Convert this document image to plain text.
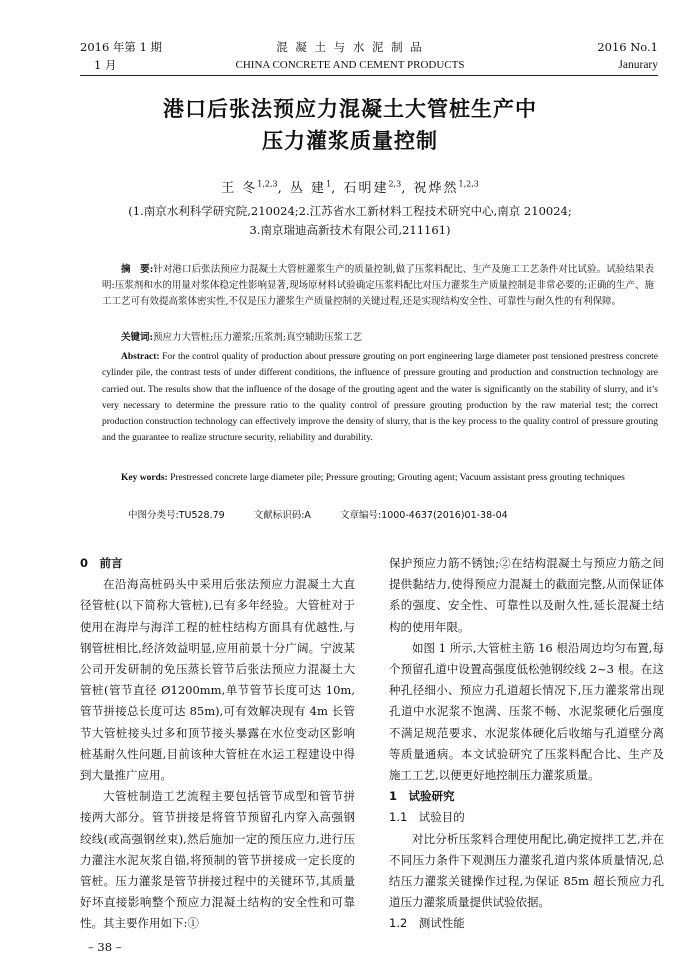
2016 年第 1 期
1 月
混 凝 土 与 水 泥 制 品
CHINA CONCRETE AND CEMENT PRODUCTS
2016 No.1
Janurary
港口后张法预应力混凝土大管桩生产中
压力灌浆质量控制
王 冬$^{1,2,3}$, 丛 建$^1$, 石明建$^{2,3}$, 祝烨然$^{1,2,3}$
(1.南京水利科学研究院,210024;2.江苏省水工新材料工程技术研究中心,南京 210024;
3.南京瑞迪高新技术有限公司,211161)
摘　要:针对港口后张法预应力混凝土大管桩灌浆生产的质量控制,做了压浆料配比、生产及施工工艺条件对比试验。试验结果表明:压浆剂和水的用量对浆体稳定性影响显著,现场原材料试验确定压浆料配比对压力灌浆生产质量控制是非常必要的;正确的生产、施工工艺可有效提高浆体密实性,不仅是压力灌浆生产质量控制的关键过程,还是实现结构安全性、可靠性与耐久性的有利保障。
关键词:预应力大管桩;压力灌浆;压浆剂;真空辅助压浆工艺
Abstract: For the control quality of production about pressure grouting on port engineering large diameter post tensioned prestress concrete cylinder pile, the contrast tests of under different conditions, the influence of pressure grouting and production and construction technology are carried out. The results show that the influence of the dosage of the grouting agent and the water is significantly on the stability of slurry, and it’s very necessary to determine the pressure ratio to the quality control of pressure grouting production by the raw material test; the correct production construction technology can effectively improve the density of slurry, that is the key process to the quality control of pressure grouting and the guarantee to realize structure security, reliability and durability.
Key words: Prestressed concrete large diameter pile; Pressure grouting; Grouting agent; Vacuum assistant press grouting techniques
中图分类号:TU528.79	文献标识码:A	文章编号:1000-4637(2016)01-38-04
0　前言

在沿海高桩码头中采用后张法预应力混凝土大直径管桩(以下简称大管桩),已有多年经验。大管桩对于使用在海岸与海洋工程的桩柱结构方面具有优越性,与钢管桩相比,经济效益明显,应用前景十分广阔。宁波某公司开发研制的免压蒸长管节后张法预应力混凝土大管桩(管节直径 Ø1200mm,单节管节长度可达 10m,管节拼接总长度可达 85m),可有效解决现有 4m 长管节大管桩接头过多和顶节接头暴露在水位变动区影响桩基耐久性问题,目前该种大管桩在水运工程建设中得到大量推广应用。

大管桩制造工艺流程主要包括管节成型和管节拼接两大部分。管节拼接是将管节预留孔内穿入高强钢绞线(或高强钢丝束),然后施加一定的预压应力,进行压力灌注水泥灰浆自锚,将预制的管节拼接成一定长度的管桩。压力灌浆是管节拼接过程中的关键环节,其质量好坏直接影响整个预应力混凝土结构的安全性和可靠性。其主要作用如下:①

保护预应力筋不锈蚀;②在结构混凝土与预应力筋之间提供黏结力,使得预应力混凝土的截面完整,从而保证体系的强度、安全性、可靠性以及耐久性,延长混凝土结构的使用年限。

如图 1 所示,大管桩主筋 16 根沿周边均匀布置,每个预留孔道中设置高强度低松弛钢绞线 2~3 根。在这种孔径细小、预应力孔道超长情况下,压力灌浆常出现孔道中水泥浆不饱满、压浆不畅、水泥浆硬化后强度不满足规范要求、水泥浆体硬化后收缩与孔道壁分离等质量通病。本文试验研究了压浆料配合比、生产及施工工艺,以便更好地控制压力灌浆质量。

1　试验研究
1.1　试验目的

对比分析压浆料合理使用配比,确定搅拌工艺,并在不同压力条件下观测压力灌浆孔道内浆体质量情况,总结压力灌浆关键操作过程,为保证 85m 超长预应力孔道压力灌浆质量提供试验依据。

1.2　测试性能
– 38 –
